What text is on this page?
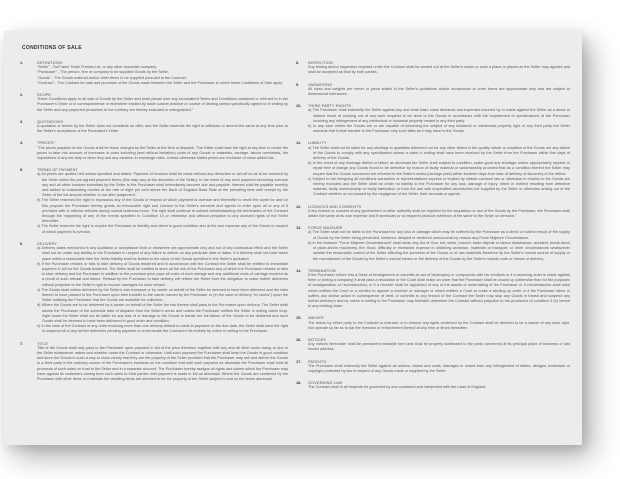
CONDITIONS OF SALE
1.	DEFINITIONS
"Seller" - TruFrame Trade Frames Ltd. or any other associate company.
"Purchaser" - The person, firm or company to be supplied Goods by the Seller.
"Goods" - The Goods material and/or other items to be supplied pursuant to the Contract.
"Contract" - The Contract for sale and purchase of the Goods made between the Seller and the Purchaser to which these Conditions of Sale apply.
2.	SCOPE
These Conditions apply to all sale of Goods by the Seller and shall prevail over any inconsistent Terms and Conditions contained or referred to in the Purchaser's Order or in correspondence or elsewhere implied by trade custom practice or course of dealing unless specifically agreed to in writing by the Seller and any purported provisions to the contrary are hereby excluded or extinguished."
3.	QUOTATIONS
A quotation or tender by the Seller does not constitute an offer, and the Seller reserves the right to withdraw or amend the same at any time prior to the Seller's acceptance of the Purchaser's Order.
4.	"PRICES"
"The prices payable for the Goods shall be those charged by the Seller at the time of dispatch. The Seller shall have the right at any time to revise the prices to take into account of increases in costs including (and without limitation) costs of any Goods or materials, carriage, labour overheads, the impositions of any tax duty or other levy and any variation in exchange rates. Unless otherwise stated prices are exclusive of value added tax.
5.	TERMS OF PAYMENT
a) All prices are quoted nett unless specified and stated. Payment of invoices shall be made without any deduction or set-off so as to be received by the Seller within the pre-agreed payment terms (this may vary at the discretion of the Seller). In the event of any such payment becoming overdue any and all other invoices submitted by the Seller to the Purchaser shall immediately become due and payable. Interest shall be payable monthly and added to outstanding monies at the rate of eight per cent above the Bank of England Base Rate at the prevailing time until receipt by the Seller of the full amount whether or not after judgement.
b) The Seller reserves the right to repossess any of the Goods in respect of which payment is overdue and thereafter to resell the same for and for this purpose the Purchaser hereby grants an irrevocable right and Licence to the Seller's servants and agents to enter upon all or any of it premises with or without vehicles during normal business hours. The right shall continue to subsist notwithstanding the termination of the Contract through the happening of any of the events specified in Condition 15 or otherwise and without prejudice to any accrued rights of the Seller thereafter.
c) The Seller reserves the right to require the Purchaser to identify and return in good condition and at his own expense any of the Goods in respect of which payment is overdue.
6.	DELIVERY
a) Delivery dates mentioned in any quotation or acceptance form or elsewhere are approximate only and not of any contractual effect and the Seller shall not be under any liability to the Purchaser in respect of any failure to deliver on any particular date or dates. If a delivery shall not have taken place within a reasonable time the Seller liability shall be limited to the value of the Goods specified in the Seller's quotation.
b) If the Purchaser refuses or fails to take delivery of Goods tendered and in accordance with the Contract the Seller shall be entitled to immediate payment in full for the Goods tendered. The Seller shall be entitled to store all the risk of the Purchaser any of which the Purchaser refuses or fails to take delivery and the Purchaser in addition to the purchase price pays all costs of such storage and any additional costs of carriage incurred as a result of such refusal and failure. Refusal by the Purchaser to take delivery will relieve the Seller from the obligation to make further deliveries without prejudice to the Seller's right to recover damages for such refusal.
c) The Goods shall unless delivered by the Seller's own transport or by carrier on behalf of the Seller be deemed to have been delivered and the risks therein to have passed to the Purchaser upon their transfer to the carrier named by the Purchaser or (in the case of delivery "ex works") upon the Seller notifying the Purchaser that the Goods are available for collection.
d) Where the Goods are to be delivered by a carrier on behalf of the Seller the risk therein shall pass to the Purchaser upon delivery. The Seller shall advise the Purchaser of the schedule date of dispatch from the Seller's works and unless the Purchaser notifies the Seller in writing within forty-eight hours the Seller shall not be liable for any loss of or damage to the Goods in transit nor the failure of the Goods to be delivered and such Goods shall be deemed to have been delivered in good order and condition.
e) In the case of the Contract of any order involving more than one delivery default is made in payment on the due date, the Seller shall have the right to suspend all or any further deliveries pending payment or to terminate the Contract in its entirety by notice in writing to the Purchaser.
7.	TITLE
Title of the Goods shall only pass to the Purchaser upon payment in full of the price therefore together with any and all other sums owing or due to the Seller whatsoever nature and whether under the Contract or otherwise. Until such payment the Purchaser shall keep the Goods in good condition and store the Goods in such a way to show clearly that they are the property of the Seller provided that the Purchaser may sell and deliver the Goods to a third party in the ordinary course of the Purchaser's business on the condition that until such payment as aforesaid the Purchaser shall hold all proceeds of such sales on trust to the Seller and in a separate account. The Purchaser hereby assigns all rights and claims which the Purchaser may have against its customers arising from such sales to third parties until payment is made in full as aforesaid. Where the Goods are combined by the Purchaser with other items or materials the resulting items are deemed to be the property of the Seller subject to and on the terms aforesaid.
8.	INSPECTION
Any testing and/or inspection required under the Contract shall be carried out at the Seller's works or such a place or places as the Seller may appoint and shall be accepted as final by both parties.
9.	VARIATIONS
All sizes and weights per meter or piece stated in the Seller's quotations and/or acceptance of order forms are approximate only and are subject to dimensional tolerances.
10.	THIRD PARTY RIGHTS
a) The Purchaser shall indemnify the Seller against any and shall claim costs demands and expenses incurred by or made against the Seller as a direct or indirect result of carrying out of any work required to be done to the Goods in accordance with the requirement or specifications of the Purchaser involving any infringement of any intellectual or industrial property vested in any third party.
b) In any case where the Goods are or are capable of becoming the subject of any industrial or intellectual property right of any third party the Seller warrants that it shall transfer to the Purchaser only such titles as it may have to the Goods.
11.	LIABILITY
a) The Seller shall not be liable for any shortage in quantities delivered nor for any other defect in the quality nature or condition of the Goods nor any failure of the Goods to comply with any specification unless a claim in writing shall have been received by the Seller from the Purchaser within five days of delivery of the Goods.
b) In the event of any shortage defect or failure as aforesaid the Seller shall subject to condition, make good any shortage and/or appropriately replace or repair free of charge any Goods found to be defective by reason of faulty material or workmanship provided that as a condition thereof the Seller may require that the Goods concerned are returned to the Seller's works (carriage paid) within fourteen days from date of delivery of discovery of the defect.
c) Subject to the foregoing all conditions warranties or representations express or implied by statute common law or otherwise in relation to the Goods are hereby excluded and the Seller shall be under no liability to the Purchaser for any loss, damage or injury, direct or indirect resulting from defective material, faulty workmanship or faulty fabrication or from the use with unspecified accessories not supplied by the Seller or otherwise arising out of the Contract whether or not caused by the negligence of the Seller, their servants or agents.
12.	LICENCES AND CONSENTS
If any licence or consent of any government or other authority shall be required for the acquisition or use of the Goods by the Purchaser, the Purchaser shall obtain the same at its own expense and if necessary or so required produce evidence of the same to the Seller on demand."
13.	FORCE MAJEURE
a) The Seller shall not be liable to the Purchaser for any loss or damage which may be suffered by the Purchaser as a direct or indirect result of the supply of Goods by the Seller being prevented, hindered, delayed or rendered uneconomic by reason any Force Majeure Circumstance.
b) In the instance "Force Majeure Circumstances" shall mean any Act of God, riot, strike, lockout, trade dispute or labour disturbance, accident, break-down of plant and/or machinery, fire, flood, difficulty or increased expense in obtaining workman, materials or transport, or other circumstances whatsoever outside the reasonable control of the Seller affecting the provision of the Goods or of raw materials therefore by the Seller's normal source of supply or the manufacture of the Goods by the Seller's normal means or the delivery of the Goods by the Seller's normal route or means of delivery.
14.	TERMINATION
If the Purchaser enters into a Deed of Arrangement or commits an act of bankruptcy or compounds with his creditors or if a receiving order is made against them or (being a company) it shall pass a resolution or the Court shall make an order that the Purchaser shall be wound up (otherwise than for the purposes of amalgamation or reconstruction) or if a receiver shall be appointed of any of the assets or undertaking of the Purchaser or if circumstances shall arise which entitles the Court or a creditor to appoint a receiver or manager or which entitles a Court to make a winding-up order or if the Purchaser takes or suffers any similar action in consequence of debt, or commits to any breach of the Contract the Seller may stop any Goods in transit and suspend any further delivery's and by notice in writing to the Purchaser may forthwith determine the Contract without prejudice to the provisions of condition 5 (b) hereof to any existing claim.
15.	WAIVER
The failure by either party to the Contract to exercise or to enforce any rights conferred by the Contract shall be deemed to be a waiver of any such right. Nor operate so far as to bar the exercise or enforcement thereof at any time or times thereafter.
16.	NOTICES
Any notices hereunder shall be permanent readable form and shall be properly addressed to the party concerned at its principal place of business or last known address.
17.	PATENTS
The Purchaser shall indemnify the Seller against all actions, claims and costs, damages or losses from any infringement of letters, designs, trademark or copyright protected by law in respect of any Goods made or supplied by the Seller.
18.	GOVERNING LAW
The Contract shall in all respects be governed by and construed and interpreted with the Laws of England.
